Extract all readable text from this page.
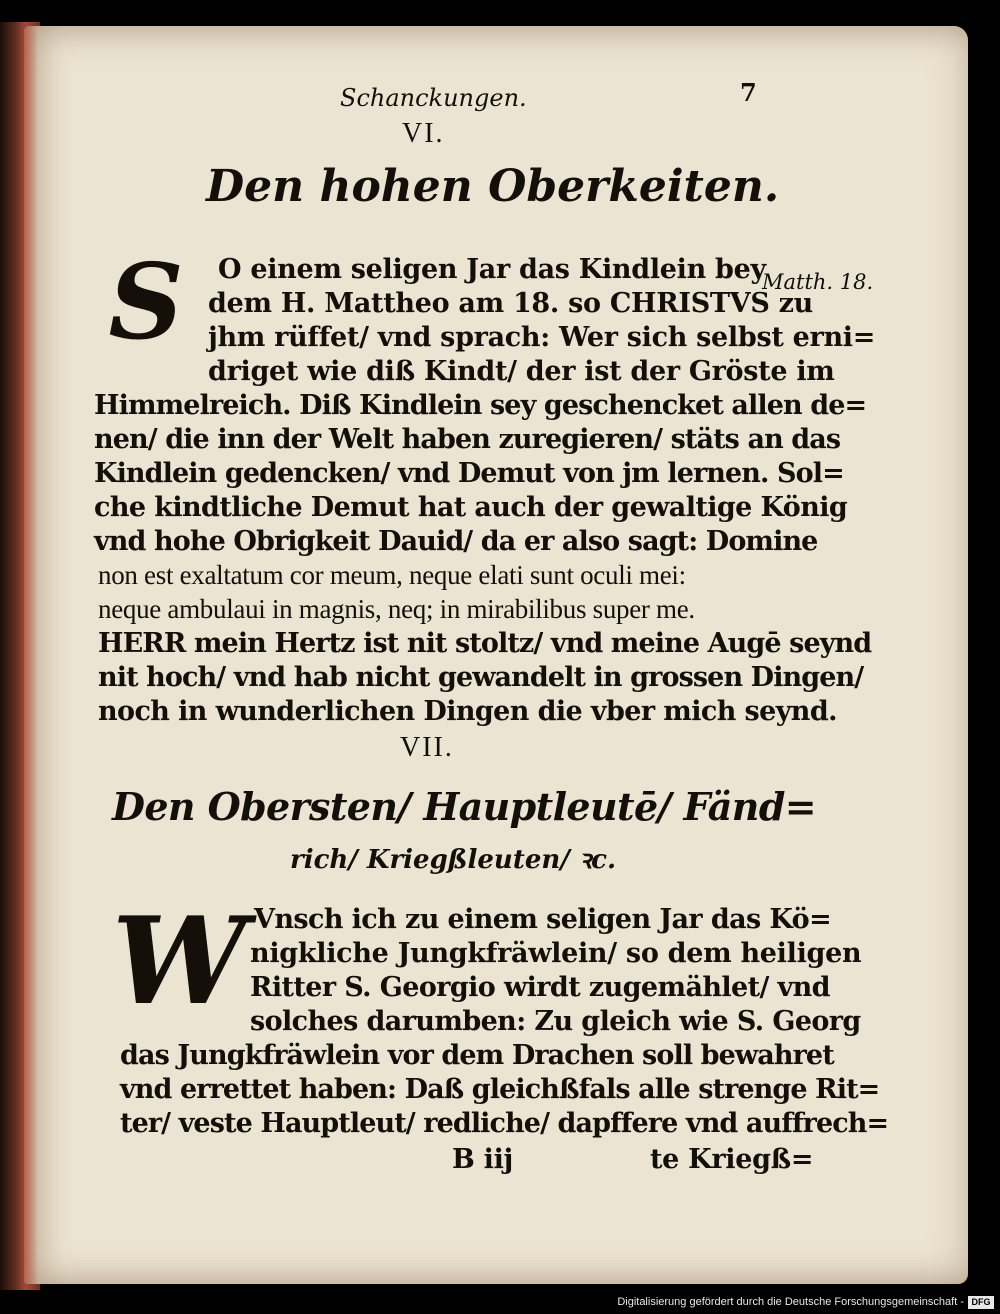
Schanckungen.	7
VI.
Den hohen Oberkeiten.
S	Matth. 18.
O einem seligen Jar das Kindlein bey
dem H. Mattheo am 18. so CHRISTVS zu
jhm rüffet/ vnd sprach: Wer sich selbst erni=
driget wie diß Kindt/ der ist der Gröste im
Himmelreich. Diß Kindlein sey geschencket allen de=
nen/ die inn der Welt haben zuregieren/ stäts an das
Kindlein gedencken/ vnd Demut von jm lernen. Sol=
che kindtliche Demut hat auch der gewaltige König
vnd hohe Obrigkeit Dauid/ da er also sagt: Domine
non est exaltatum cor meum, neque elati sunt oculi mei:
neque ambulaui in magnis, neq; in mirabilibus super me.
HERR mein Hertz ist nit stoltz/ vnd meine Augē seynd
nit hoch/ vnd hab nicht gewandelt in grossen Dingen/
noch in wunderlichen Dingen die vber mich seynd.
VII.
Den Obersten/ Hauptleutē/ Fänd=
rich/ Kriegßleuten/ ꝛc.
W Vnsch ich zu einem seligen Jar das Kö=
nigkliche Jungkfräwlein/ so dem heiligen
Ritter S. Georgio wirdt zugemählet/ vnd
solches darumben: Zu gleich wie S. Georg
das Jungkfräwlein vor dem Drachen soll bewahret
vnd errettet haben: Daß gleichßfals alle strenge Rit=
ter/ veste Hauptleut/ redliche/ dapffere vnd auffrech=
B iij	te Kriegß=
Digitalisierung gefördert durch die Deutsche Forschungsgemeinschaft - DFG
